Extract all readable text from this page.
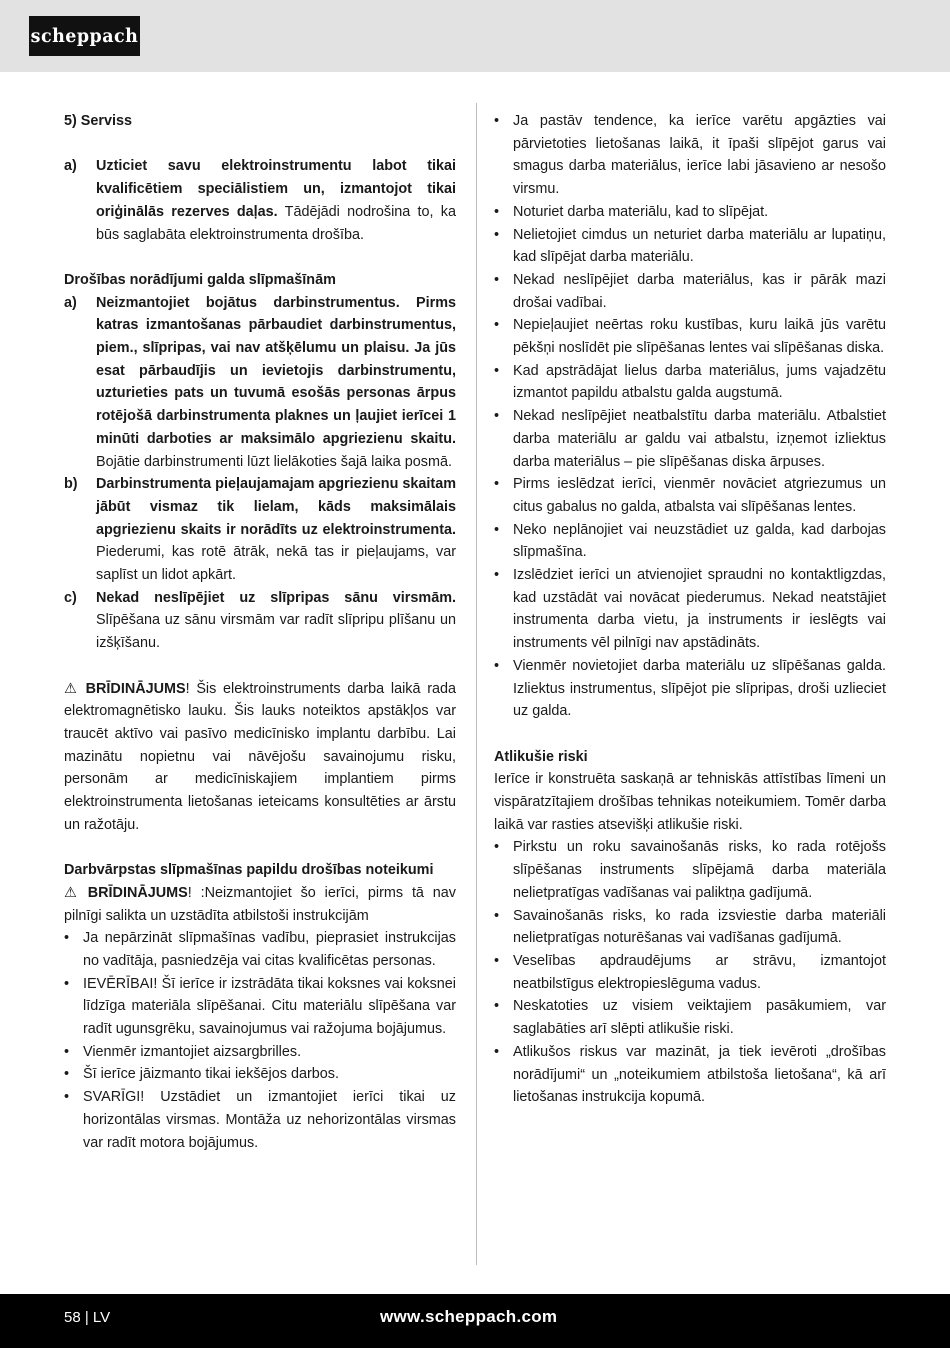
scheppach

5) Serviss

a)	Uzticiet savu elektroinstrumentu labot tikai kvalificētiem speciālistiem un, izmantojot tikai oriģinālās rezerves daļas. Tādējādi nodrošina to, ka būs saglabāta elektroinstrumenta drošība.

Drošības norādījumi galda slīpmašīnām

a)	Neizmantojiet bojātus darbinstrumentus. Pirms katras izmantošanas pārbaudiet darbinstrumentus, piem., slīpripas, vai nav atšķēlumu un plaisu. Ja jūs esat pārbaudījis un ievietojis darbinstrumentu, uzturieties pats un tuvumā esošās personas ārpus rotējošā darbinstrumenta plaknes un ļaujiet ierīcei 1 minūti darboties ar maksimālo apgriezienu skaitu. Bojātie darbinstrumenti lūzt lielākoties šajā laika posmā.
b)	Darbinstrumenta pieļaujamajam apgriezienu skaitam jābūt vismaz tik lielam, kāds maksimālais apgriezienu skaits ir norādīts uz elektroinstrumenta. Piederumi, kas rotē ātrāk, nekā tas ir pieļaujams, var saplīst un lidot apkārt.
c)	Nekad neslīpējiet uz slīpripas sānu virsmām. Slīpēšana uz sānu virsmām var radīt slīpripu plīšanu un izšķīšanu.

⚠ BRĪDINĀJUMS! Šis elektroinstruments darba laikā rada elektromagnētisko lauku. Šis lauks noteiktos apstākļos var traucēt aktīvo vai pasīvo medicīnisko implantu darbību. Lai mazinātu nopietnu vai nāvējošu savainojumu risku, personām ar medicīniskajiem implantiem pirms elektroinstrumenta lietošanas ieteicams konsultēties ar ārstu un ražotāju.

Darbvārpstas slīpmašīnas papildu drošības noteikumi

⚠ BRĪDINĀJUMS! :Neizmantojiet šo ierīci, pirms tā nav pilnīgi salikta un uzstādīta atbilstoši instrukcijām

• Ja nepārzināt slīpmašīnas vadību, pieprasiet instrukcijas no vadītāja, pasniedzēja vai citas kvalificētas personas.
• IEVĒRĪBAI! Šī ierīce ir izstrādāta tikai koksnes vai koksnei līdzīga materiāla slīpēšanai. Citu materiālu slīpēšana var radīt ugunsgrēku, savainojumus vai ražojuma bojājumus.
• Vienmēr izmantojiet aizsargbrilles.
• Šī ierīce jāizmanto tikai iekšējos darbos.
• SVARĪGI! Uzstādiet un izmantojiet ierīci tikai uz horizontālas virsmas. Montāža uz nehorizontālas virsmas var radīt motora bojājumus.
• Ja pastāv tendence, ka ierīce varētu apgāzties vai pārvietoties lietošanas laikā, it īpaši slīpējot garus vai smagus darba materiālus, ierīce labi jāsavieno ar nesošo virsmu.
• Noturiet darba materiālu, kad to slīpējat.
• Nelietojiet cimdus un neturiet darba materiālu ar lupatiņu, kad slīpējat darba materiālu.
• Nekad neslīpējiet darba materiālus, kas ir pārāk mazi drošai vadībai.
• Nepieļaujiet neērtas roku kustības, kuru laikā jūs varētu pēkšņi noslīdēt pie slīpēšanas lentes vai slīpēšanas diska.
• Kad apstrādājat lielus darba materiālus, jums vajadzētu izmantot papildu atbalstu galda augstumā.
• Nekad neslīpējiet neatbalstītu darba materiālu. Atbalstiet darba materiālu ar galdu vai atbalstu, izņemot izliektus darba materiālus – pie slīpēšanas diska ārpuses.
• Pirms ieslēdzat ierīci, vienmēr novāciet atgriezumus un citus gabalus no galda, atbalsta vai slīpēšanas lentes.
• Neko neplānojiet vai neuzstādiet uz galda, kad darbojas slīpmašīna.
• Izslēdziet ierīci un atvienojiet spraudni no kontaktligzdas, kad uzstādāt vai novācat piederumus. Nekad neatstājiet instrumenta darba vietu, ja instruments ir ieslēgts vai instruments vēl pilnīgi nav apstādināts.
• Vienmēr novietojiet darba materiālu uz slīpēšanas galda. Izliektus instrumentus, slīpējot pie slīpripas, droši uzlieciet uz galda.

Atlikušie riski

Ierīce ir konstruēta saskaņā ar tehniskās attīstības līmeni un vispāratzītajiem drošības tehnikas noteikumiem. Tomēr darba laikā var rasties atsevišķi atlikušie riski.

• Pirkstu un roku savainošanās risks, ko rada rotējošs slīpēšanas instruments slīpējamā darba materiāla nelietpratīgas vadīšanas vai paliktņa gadījumā.
• Savainošanās risks, ko rada izsviestie darba materiāli nelietpratīgas noturēšanas vai vadīšanas gadījumā.
• Veselības apdraudējums ar strāvu, izmantojot neatbilstīgus elektropieslēguma vadus.
• Neskatoties uz visiem veiktajiem pasākumiem, var saglabāties arī slēpti atlikušie riski.
• Atlikušos riskus var mazināt, ja tiek ievēroti „drošības norādījumi“ un „noteikumiem atbilstoša lietošana“, kā arī lietošanas instrukcija kopumā.
58 | LV	www.scheppach.com
